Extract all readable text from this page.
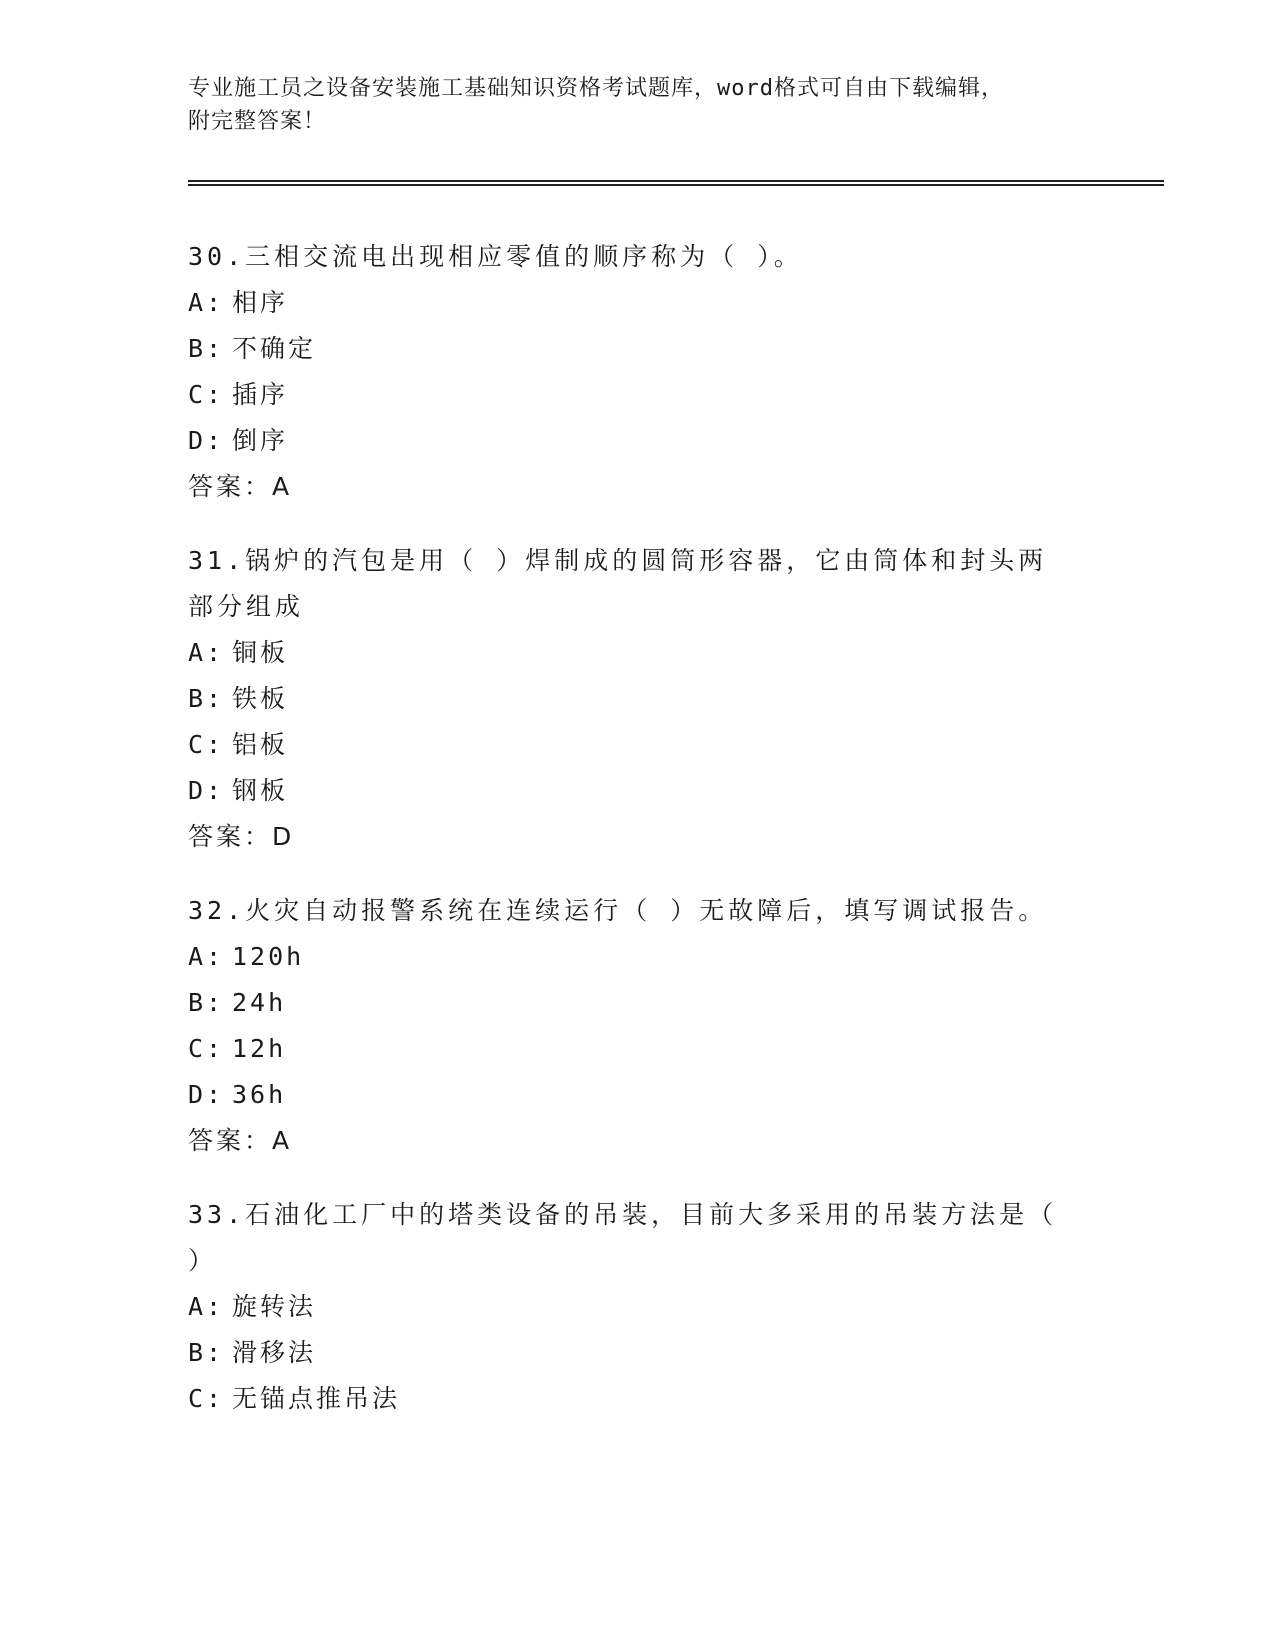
专业施工员之设备安装施工基础知识资格考试题库，word格式可自由下载编辑，
附完整答案！

30.三相交流电出现相应零值的顺序称为（ ）。

A: 相序

B: 不确定

C: 插序

D: 倒序

答案：A

31.锅炉的汽包是用（ ）焊制成的圆筒形容器，它由筒体和封头两部分组成

A: 铜板

B: 铁板

C: 铝板

D: 钢板

答案：D

32.火灾自动报警系统在连续运行（ ）无故障后，填写调试报告。

A: 120h

B: 24h

C: 12h

D: 36h

答案：A

33.石油化工厂中的塔类设备的吊装，目前大多采用的吊装方法是（ ）

A: 旋转法

B: 滑移法

C: 无锚点推吊法
